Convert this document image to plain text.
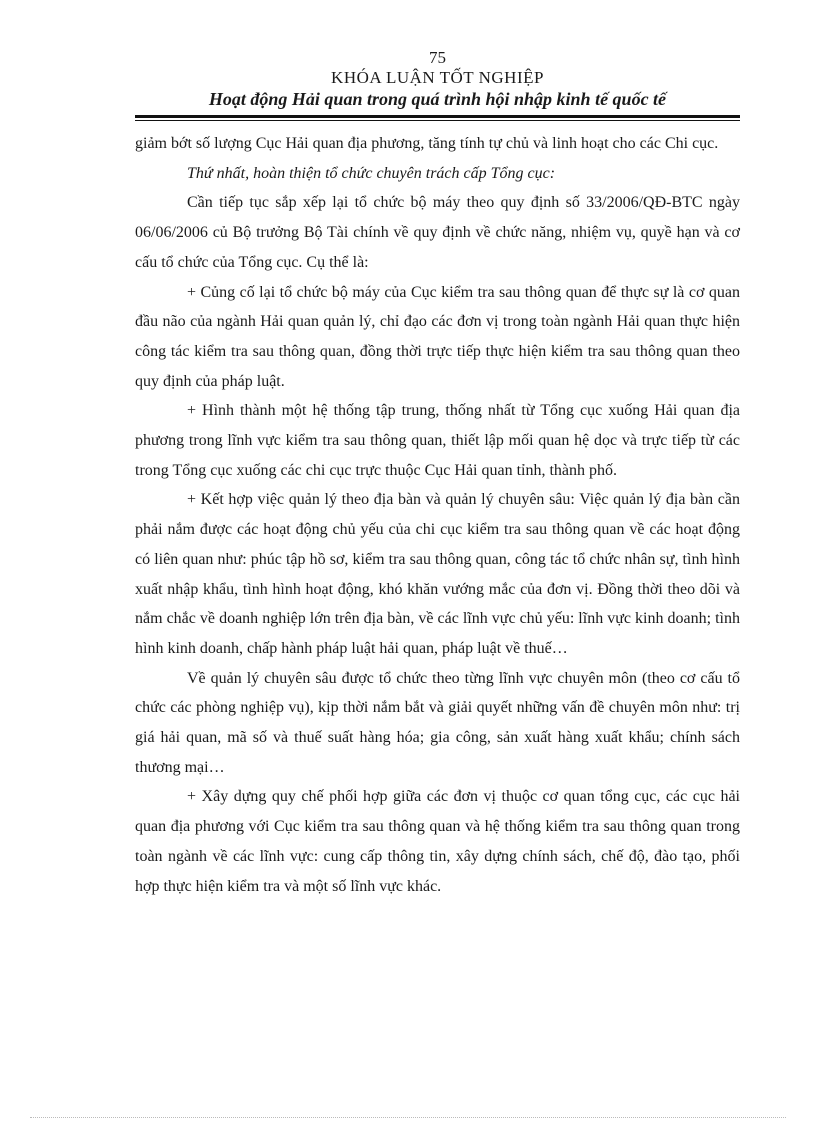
75

KHÓA LUẬN TỐT NGHIỆP

Hoạt động Hải quan trong quá trình hội nhập kinh tế quốc tế

giảm bớt số lượng Cục Hải quan địa phương, tăng tính tự chủ và linh hoạt cho các Chi cục.

Thứ nhất, hoàn thiện tổ chức chuyên trách cấp Tổng cục:

Cần tiếp tục sắp xếp lại tổ chức bộ máy theo quy định số 33/2006/QĐ-BTC ngày 06/06/2006 củ Bộ trưởng Bộ Tài chính về quy định về chức năng, nhiệm vụ, quyề hạn và cơ cấu tổ chức của Tổng cục. Cụ thể là:

+ Củng cố lại tổ chức bộ máy của Cục kiểm tra sau thông quan để thực sự là cơ quan đầu não của ngành Hải quan quản lý, chỉ đạo các đơn vị trong toàn ngành Hải quan thực hiện công tác kiểm tra sau thông quan, đồng thời trực tiếp thực hiện kiểm tra sau thông quan theo quy định của pháp luật.

+ Hình thành một hệ thống tập trung, thống nhất từ Tổng cục xuống Hải quan địa phương trong lĩnh vực kiểm tra sau thông quan, thiết lập mối quan hệ dọc và trực tiếp từ các trong Tổng cục xuống các chi cục trực thuộc Cục Hải quan tỉnh, thành phố.

+ Kết hợp việc quản lý theo địa bàn và quản lý chuyên sâu: Việc quản lý địa bàn cần phải nắm được các hoạt động chủ yếu của chi cục kiểm tra sau thông quan về các hoạt động có liên quan như: phúc tập hồ sơ, kiểm tra sau thông quan, công tác tổ chức nhân sự, tình hình xuất nhập khẩu, tình hình hoạt động, khó khăn vướng mắc của đơn vị. Đồng thời theo dõi và nắm chắc về doanh nghiệp lớn trên địa bàn, về các lĩnh vực chủ yếu: lĩnh vực kinh doanh; tình hình kinh doanh, chấp hành pháp luật hải quan, pháp luật về thuế…

Về quản lý chuyên sâu được tổ chức theo từng lĩnh vực chuyên môn (theo cơ cấu tổ chức các phòng nghiệp vụ), kịp thời nắm bắt và giải quyết những vấn đề chuyên môn như: trị giá hải quan, mã số và thuế suất hàng hóa; gia công, sản xuất hàng xuất khẩu; chính sách thương mại…

+ Xây dựng quy chế phối hợp giữa các đơn vị thuộc cơ quan tổng cục, các cục hải quan địa phương với Cục kiểm tra sau thông quan và hệ thống kiểm tra sau thông quan trong toàn ngành về các lĩnh vực: cung cấp thông tin, xây dựng chính sách, chế độ, đào tạo, phối hợp thực hiện kiểm tra và một số lĩnh vực khác.
